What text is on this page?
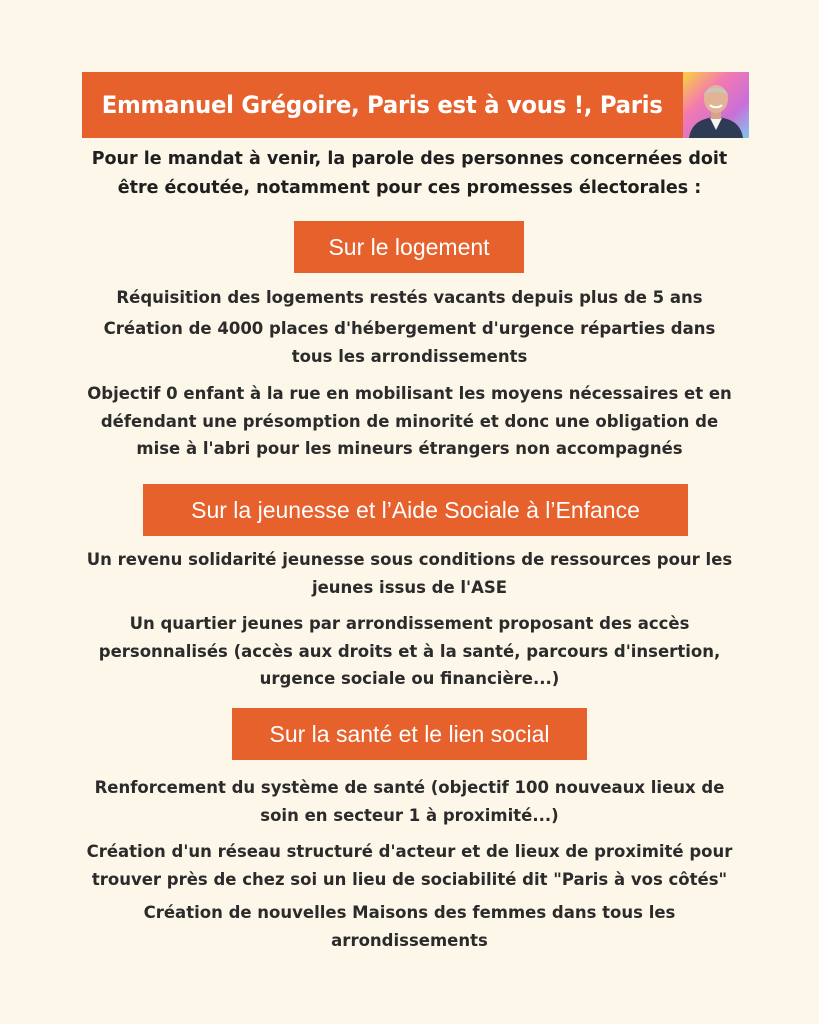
Emmanuel Grégoire, Paris est à vous !, Paris
Pour le mandat à venir, la parole des personnes concernées doit
être écoutée, notamment pour ces promesses électorales :
Sur le logement
Réquisition des logements restés vacants depuis plus de 5 ans
Création de 4000 places d'hébergement d'urgence réparties dans
tous les arrondissements
Objectif 0 enfant à la rue en mobilisant les moyens nécessaires et en
défendant une présomption de minorité et donc une obligation de
mise à l'abri pour les mineurs étrangers non accompagnés
Sur la jeunesse et l’Aide Sociale à l’Enfance
Un revenu solidarité jeunesse sous conditions de ressources pour les
jeunes issus de l'ASE
Un quartier jeunes par arrondissement proposant des accès
personnalisés (accès aux droits et à la santé, parcours d'insertion,
urgence sociale ou financière...)
Sur la santé et le lien social
Renforcement du système de santé (objectif 100 nouveaux lieux de
soin en secteur 1 à proximité...)
Création d'un réseau structuré d'acteur et de lieux de proximité pour
trouver près de chez soi un lieu de sociabilité dit "Paris à vos côtés"
Création de nouvelles Maisons des femmes dans tous les
arrondissements
